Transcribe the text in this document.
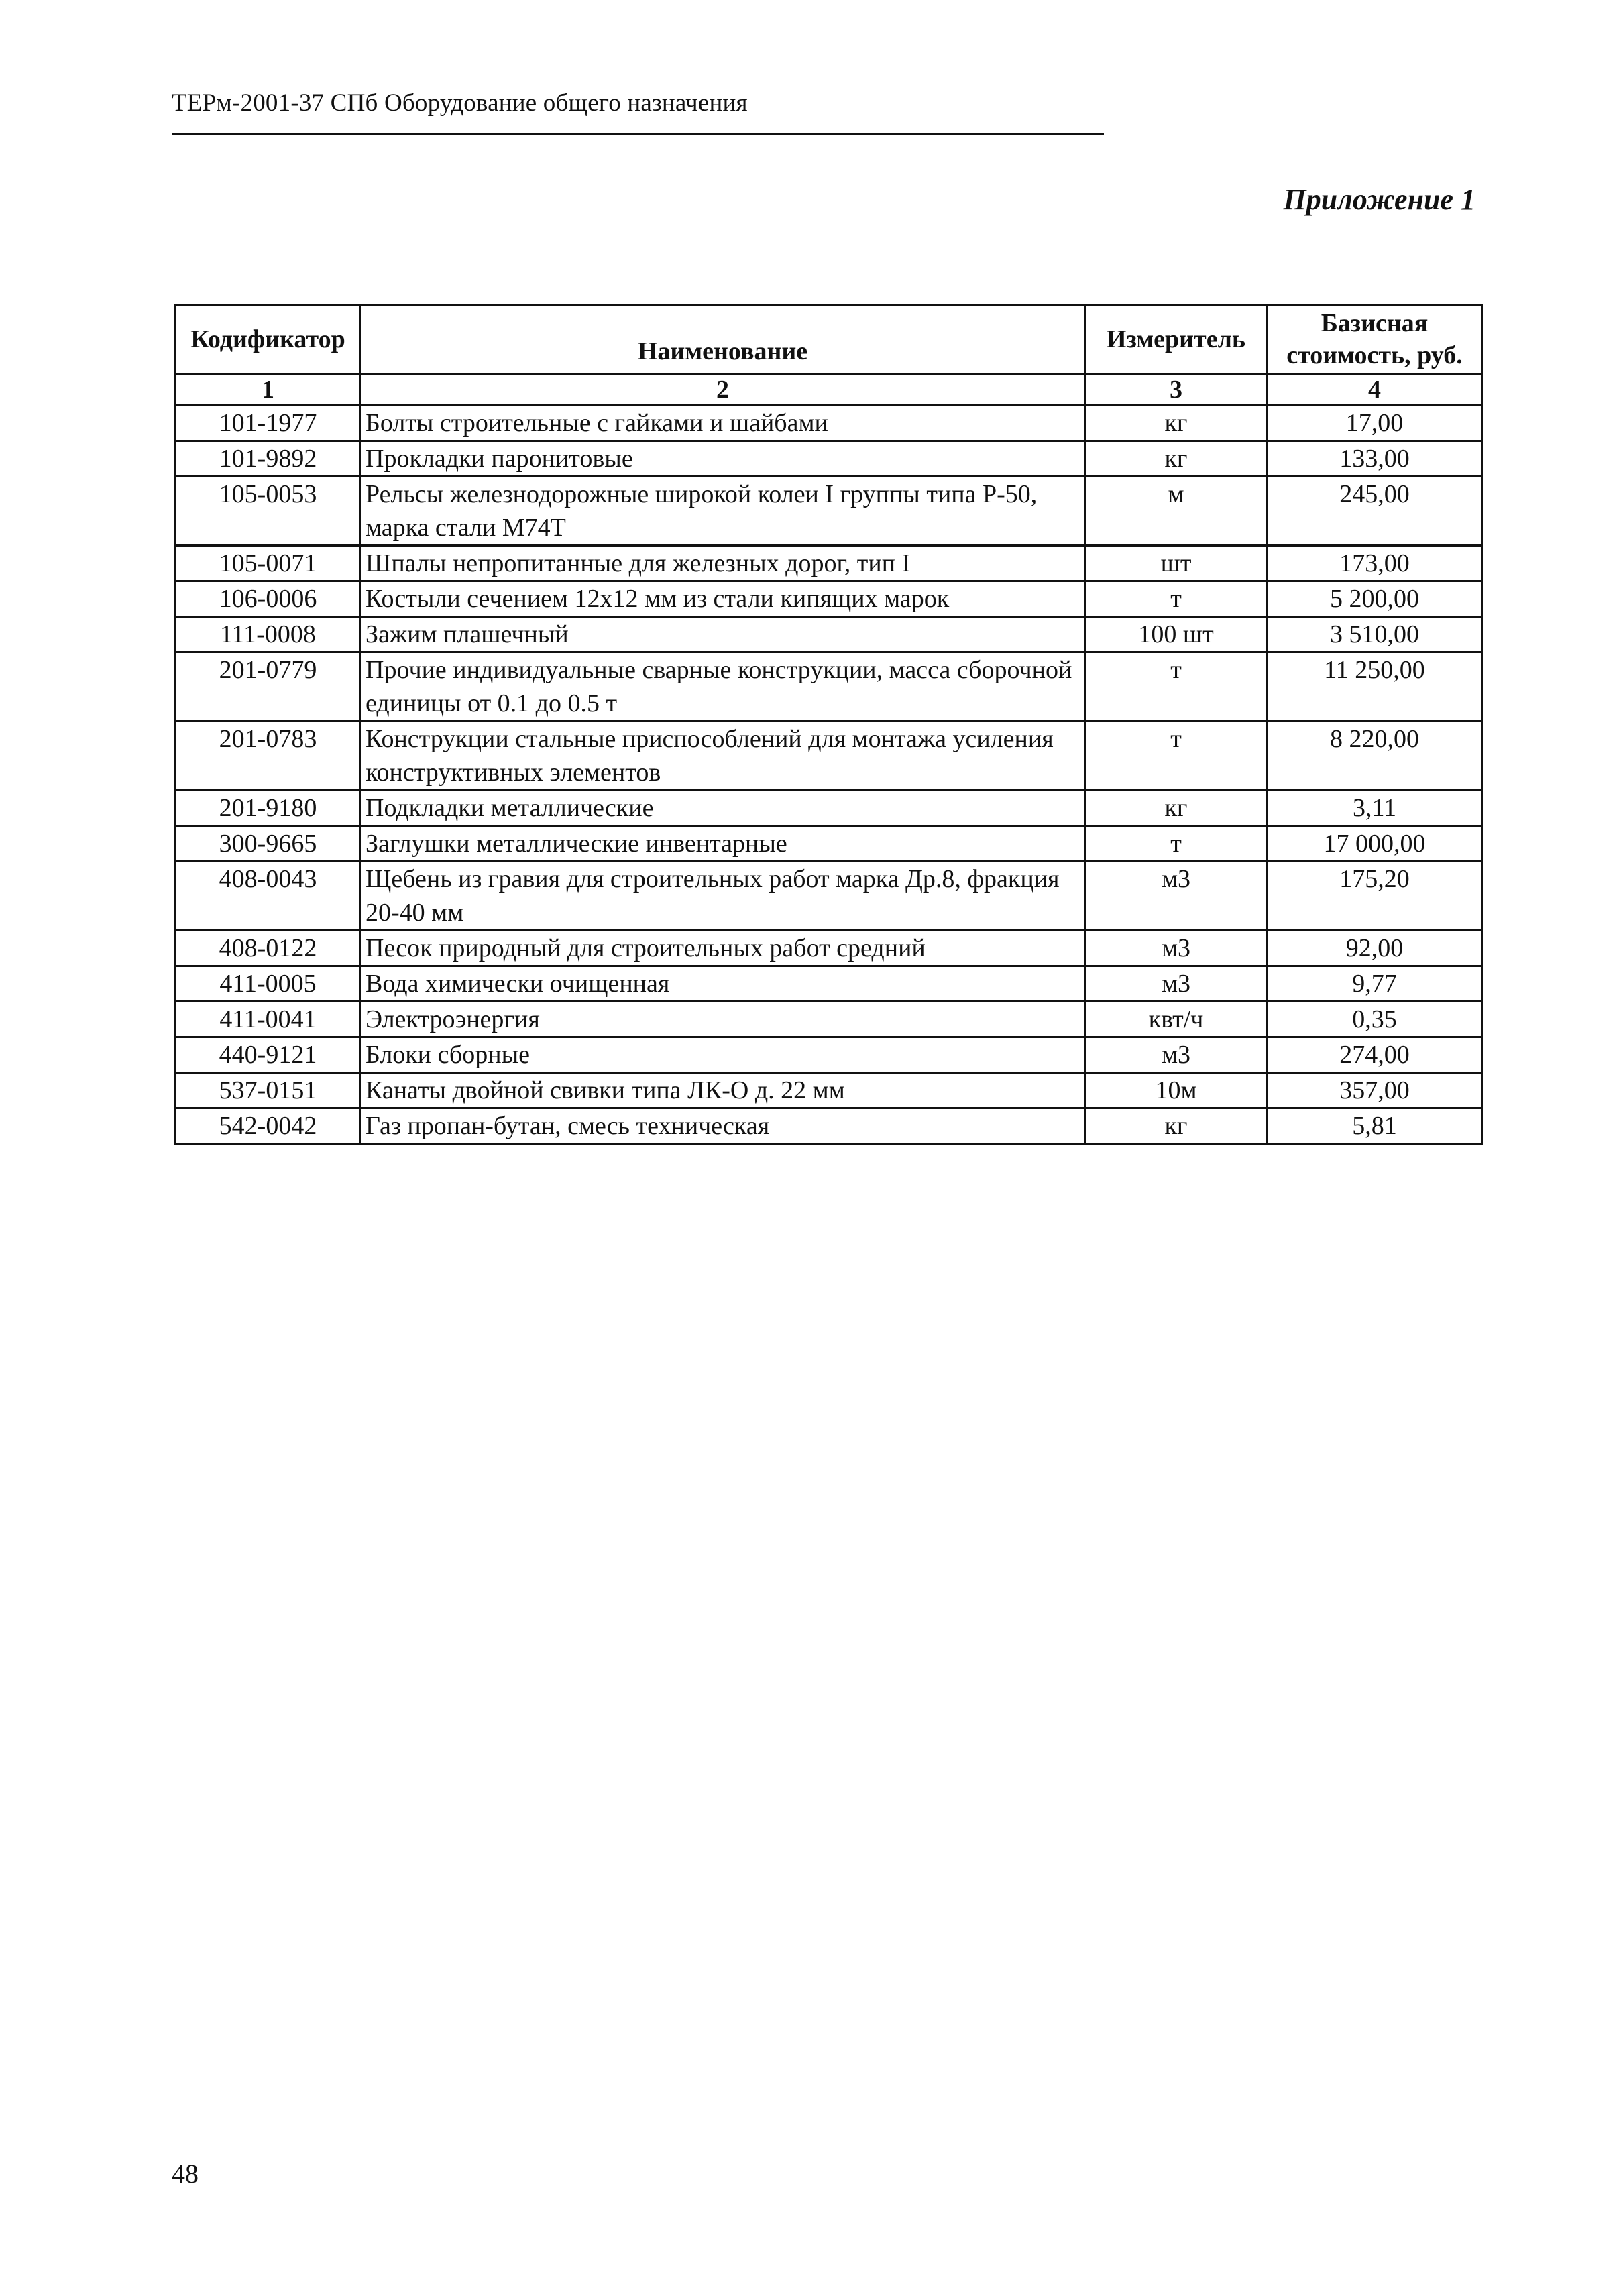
ТЕРм-2001-37 СПб Оборудование общего назначения
Приложение 1
Кодификатор	Наименование	Измеритель	Базисная стоимость, руб.
1	2	3	4
101-1977	Болты строительные с гайками и шайбами	кг	17,00
101-9892	Прокладки паронитовые	кг	133,00
105-0053	Рельсы железнодорожные широкой колеи I группы типа Р-50, марка стали М74Т	м	245,00
105-0071	Шпалы непропитанные для железных дорог, тип I	шт	173,00
106-0006	Костыли сечением 12х12 мм из стали кипящих марок	т	5 200,00
111-0008	Зажим плашечный	100 шт	3 510,00
201-0779	Прочие индивидуальные сварные конструкции, масса сборочной единицы от 0.1 до 0.5 т	т	11 250,00
201-0783	Конструкции стальные приспособлений для монтажа усиления конструктивных элементов	т	8 220,00
201-9180	Подкладки металлические	кг	3,11
300-9665	Заглушки металлические инвентарные	т	17 000,00
408-0043	Щебень из гравия для строительных работ марка Др.8, фракция 20-40 мм	м3	175,20
408-0122	Песок природный для строительных работ средний	м3	92,00
411-0005	Вода химически очищенная	м3	9,77
411-0041	Электроэнергия	квт/ч	0,35
440-9121	Блоки сборные	м3	274,00
537-0151	Канаты двойной свивки типа ЛК-О д. 22 мм	10м	357,00
542-0042	Газ пропан-бутан, смесь техническая	кг	5,81
48
